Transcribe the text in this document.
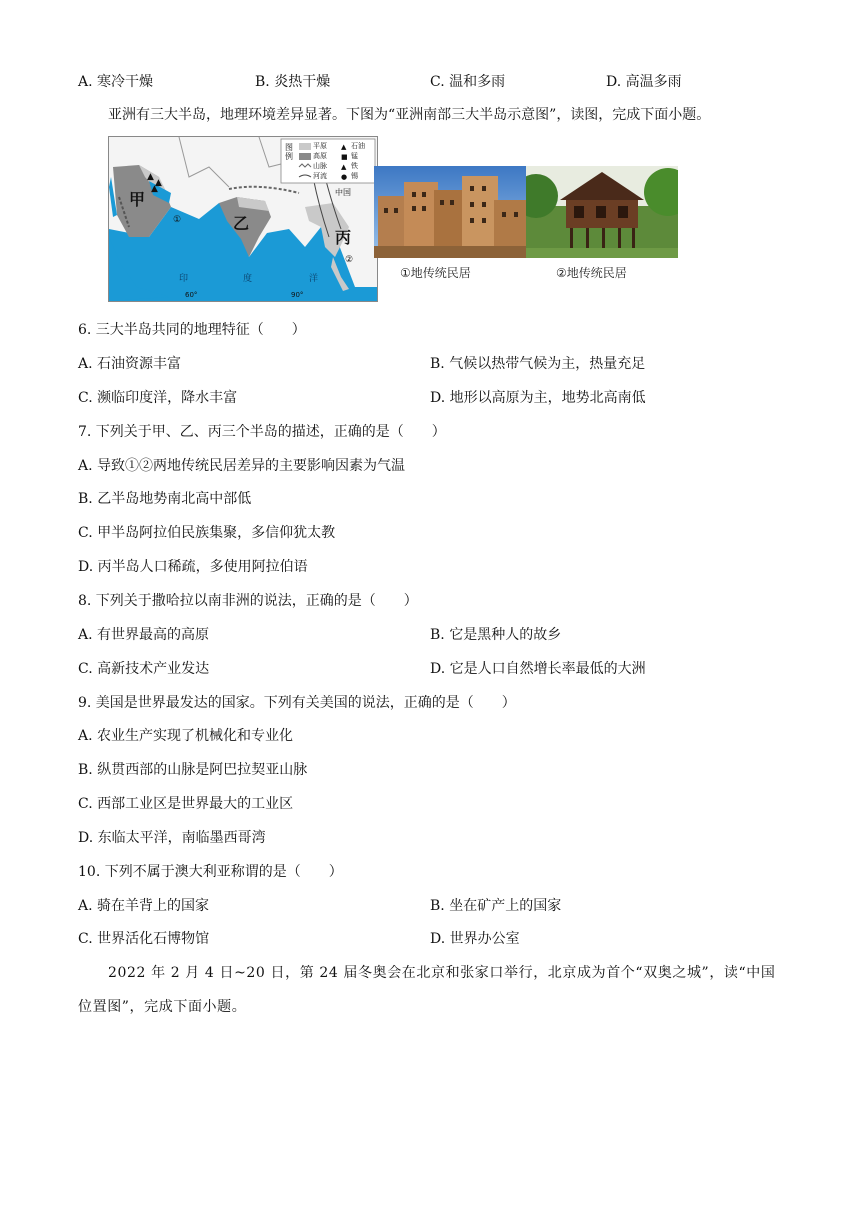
A. 寒冷干燥	B. 炎热干燥	C. 温和多雨	D. 高温多雨
亚洲有三大半岛，地理环境差异显著。下图为“亚洲南部三大半岛示意图”，读图，完成下面小题。
▲
▲
▲
▲
■
▲
●
图例
平原	石油
高原	锰
山脉	铁
河流	锡
甲
乙
丙
中国
印	度	洋
①
②
60°	90°
①地传统民居	②地传统民居
6. 三大半岛共同的地理特征（　　）
A. 石油资源丰富	B. 气候以热带气候为主，热量充足
C. 濒临印度洋，降水丰富	D. 地形以高原为主，地势北高南低
7. 下列关于甲、乙、丙三个半岛的描述，正确的是（　　）
A. 导致①②两地传统民居差异的主要影响因素为气温
B. 乙半岛地势南北高中部低
C. 甲半岛阿拉伯民族集聚，多信仰犹太教
D. 丙半岛人口稀疏，多使用阿拉伯语
8. 下列关于撒哈拉以南非洲的说法，正确的是（　　）
A. 有世界最高的高原	B. 它是黑种人的故乡
C. 高新技术产业发达	D. 它是人口自然增长率最低的大洲
9. 美国是世界最发达的国家。下列有关美国的说法，正确的是（　　）
A. 农业生产实现了机械化和专业化
B. 纵贯西部的山脉是阿巴拉契亚山脉
C. 西部工业区是世界最大的工业区
D. 东临太平洋，南临墨西哥湾
10. 下列不属于澳大利亚称谓的是（　　）
A. 骑在羊背上的国家	B. 坐在矿产上的国家
C. 世界活化石博物馆	D. 世界办公室
2022 年 2 月 4 日~20 日，第 24 届冬奥会在北京和张家口举行，北京成为首个“双奥之城”，读“中国
位置图”，完成下面小题。
